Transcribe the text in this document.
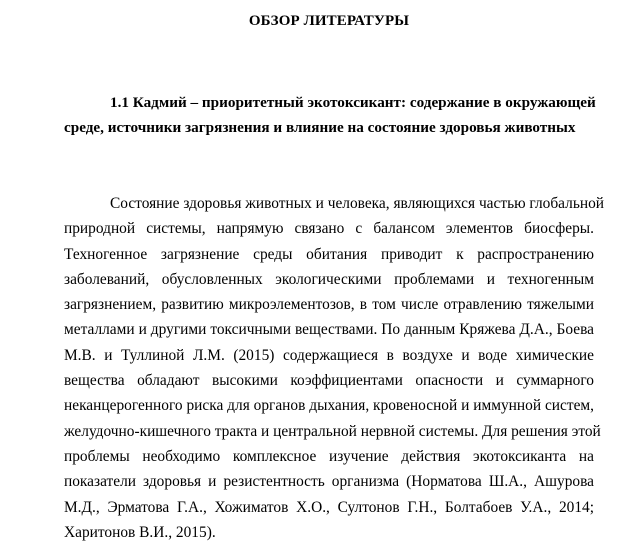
ОБЗОР ЛИТЕРАТУРЫ
1.1 Кадмий – приоритетный экотоксикант: содержание в окружающей
среде, источники загрязнения и влияние на состояние здоровья животных

Состояние здоровья животных и человека, являющихся частью глобальной
природной системы, напрямую связано с балансом элементов биосферы.
Техногенное загрязнение среды обитания приводит к распространению
заболеваний, обусловленных экологическими проблемами и техногенным
загрязнением, развитию микроэлементозов, в том числе отравлению тяжелыми
металлами и другими токсичными веществами. По данным Кряжева Д.А., Боева
М.В. и Туллиной Л.М. (2015) содержащиеся в воздухе и воде химические
вещества обладают высокими коэффициентами опасности и суммарного
неканцерогенного риска для органов дыхания, кровеносной и иммунной систем,
желудочно-кишечного тракта и центральной нервной системы. Для решения этой
проблемы необходимо комплексное изучение действия экотоксиканта на
показатели здоровья и резистентность организма (Норматова Ш.А., Ашурова
М.Д., Эрматова Г.А., Хожиматов Х.О., Султонов Г.Н., Болтабоев У.А., 2014;
Харитонов В.И., 2015).
